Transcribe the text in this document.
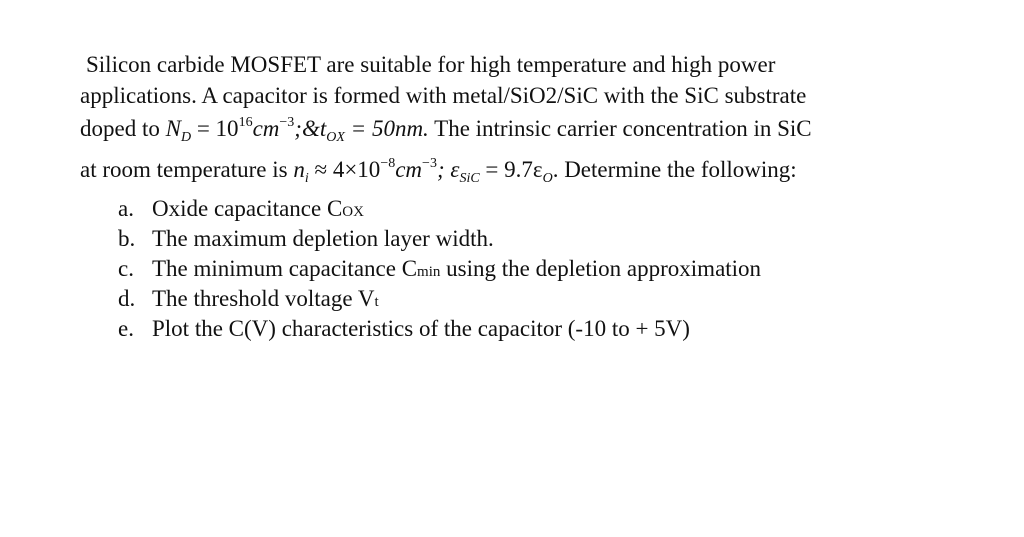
Silicon carbide MOSFET are suitable for high temperature and high power
applications. A capacitor is formed with metal/SiO2/SiC with the SiC substrate
doped to $N_D$ = $10^{16}cm^{-3};\&t_{OX} = 50nm$. The intrinsic carrier concentration in SiC
at room temperature is $n_i \approx 4\times 10^{-8}cm^{-3}$; $\varepsilon_{SiC} = 9.7\varepsilon_O$. Determine the following:
a. Oxide capacitance COX
b. The maximum depletion layer width.
c. The minimum capacitance Cmin using the depletion approximation
d. The threshold voltage Vt
e. Plot the C(V) characteristics of the capacitor (-10 to + 5V)
